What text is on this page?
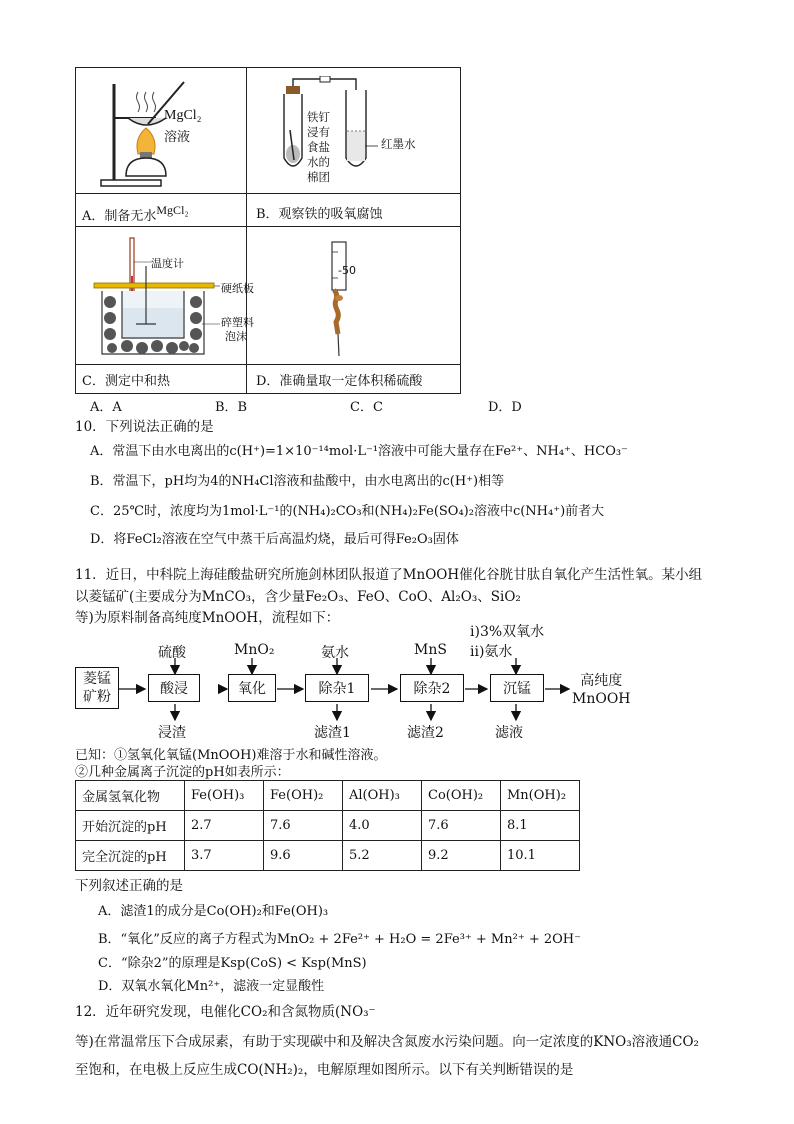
MgCl₂
溶液
A．制备无水MgCl₂
铁钉
浸有
食盐
水的
棉团
红墨水
B．观察铁的吸氧腐蚀
温度计
硬纸板
碎塑料
泡沫
C．测定中和热
-50
D．准确量取一定体积稀硫酸
A．A	B．B	C．C	D．D
10．下列说法正确的是
A．常温下由水电离出的c(H⁺)=1×10⁻¹⁴mol·L⁻¹溶液中可能大量存在Fe²⁺、NH₄⁺、HCO₃⁻
B．常温下，pH均为4的NH₄Cl溶液和盐酸中，由水电离出的c(H⁺)相等
C．25℃时，浓度均为1mol·L⁻¹的(NH₄)₂CO₃和(NH₄)₂Fe(SO₄)₂溶液中c(NH₄⁺)前者大
D．将FeCl₂溶液在空气中蒸干后高温灼烧，最后可得Fe₂O₃固体
11．近日，中科院上海硅酸盐研究所施剑林团队报道了MnOOH催化谷胱甘肽自氧化产生活性氧。某小组
以菱锰矿(主要成分为MnCO₃，含少量Fe₂O₃、FeO、CoO、Al₂O₃、SiO₂
等)为原料制备高纯度MnOOH，流程如下：
菱锰
矿粉	酸浸	氧化	除杂1	除杂2	沉锰
硫酸	MnO₂	氨水	MnS
i)3%双氧水
ii)氨水
浸渣	滤渣1	滤渣2	滤液
高纯度
MnOOH
已知：①氢氧化氧锰(MnOOH)难溶于水和碱性溶液。
②几种金属离子沉淀的pH如表所示：
金属氢氧化物	Fe(OH)₃	Fe(OH)₂	Al(OH)₃	Co(OH)₂	Mn(OH)₂
开始沉淀的pH	2.7	7.6	4.0	7.6	8.1
完全沉淀的pH	3.7	9.6	5.2	9.2	10.1
下列叙述正确的是
A．滤渣1的成分是Co(OH)₂和Fe(OH)₃
B．“氧化”反应的离子方程式为MnO₂ + 2Fe²⁺ + H₂O = 2Fe³⁺ + Mn²⁺ + 2OH⁻
C．“除杂2”的原理是Ksp(CoS) < Ksp(MnS)
D．双氧水氧化Mn²⁺，滤液一定显酸性
12．近年研究发现，电催化CO₂和含氮物质(NO₃⁻
等)在常温常压下合成尿素，有助于实现碳中和及解决含氮废水污染问题。向一定浓度的KNO₃溶液通CO₂
至饱和，在电极上反应生成CO(NH₂)₂，电解原理如图所示。以下有关判断错误的是
